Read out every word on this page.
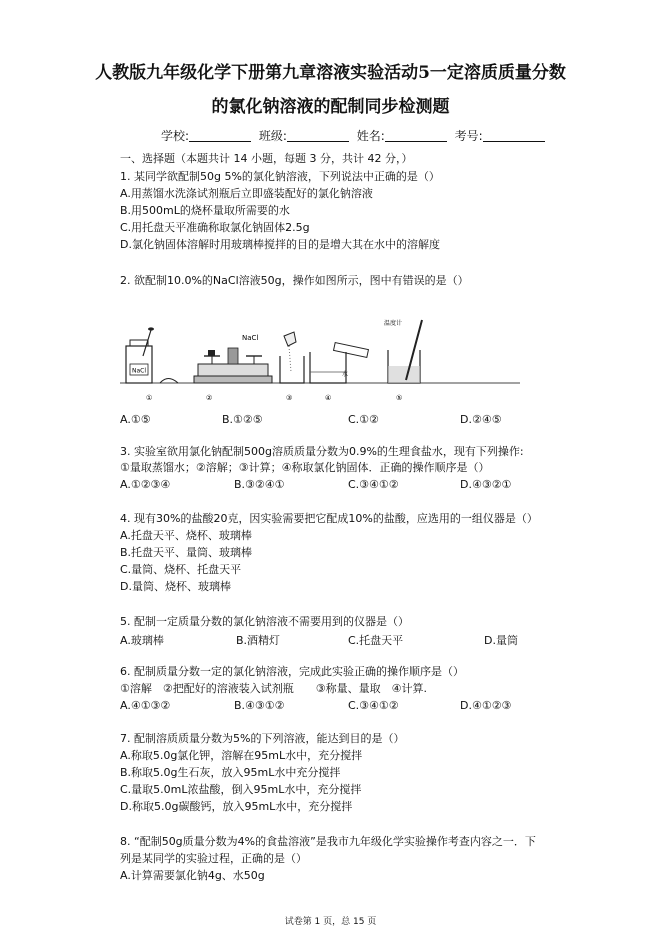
人教版九年级化学下册第九章溶液实验活动5一定溶质质量分数
的氯化钠溶液的配制同步检测题
学校:	班级:	姓名:	考号:
一、选择题（本题共计 14 小题，每题 3 分，共计 42 分，）
1. 某同学欲配制50g 5%的氯化钠溶液，下列说法中正确的是（）
A.用蒸馏水洗涤试剂瓶后立即盛装配好的氯化钠溶液
B.用500mL的烧杯量取所需要的水
C.用托盘天平准确称取氯化钠固体2.5g
D.氯化钠固体溶解时用玻璃棒搅拌的目的是增大其在水中的溶解度
2. 欲配制10.0%的NaCl溶液50g，操作如图所示，图中有错误的是（）
NaCl
①
NaCl
②	③
水
④
温度计
⑤
A.①⑤	B.①②⑤	C.①②	D.②④⑤
3. 实验室欲用氯化钠配制500g溶质质量分数为0.9%的生理食盐水，现有下列操作:
①量取蒸馏水；②溶解；③计算；④称取氯化钠固体．正确的操作顺序是（）
A.①②③④	B.③②④①	C.③④①②	D.④③②①
4. 现有30%的盐酸20克，因实验需要把它配成10%的盐酸，应选用的一组仪器是（）
A.托盘天平、烧杯、玻璃棒
B.托盘天平、量筒、玻璃棒
C.量筒、烧杯、托盘天平
D.量筒、烧杯、玻璃棒
5. 配制一定质量分数的氯化钠溶液不需要用到的仪器是（）
A.玻璃棒	B.酒精灯	C.托盘天平	D.量筒
6. 配制质量分数一定的氯化钠溶液，完成此实验正确的操作顺序是（）
①溶解　②把配好的溶液装入试剂瓶　　③称量、量取　④计算.
A.④①③②	B.④③①②	C.③④①②	D.④①②③
7. 配制溶质质量分数为5%的下列溶液，能达到目的是（）
A.称取5.0g氯化钾，溶解在95mL水中，充分搅拌
B.称取5.0g生石灰，放入95mL水中充分搅拌
C.量取5.0mL浓盐酸，倒入95mL水中，充分搅拌
D.称取5.0g碳酸钙，放入95mL水中，充分搅拌
8. “配制50g质量分数为4%的食盐溶液”是我市九年级化学实验操作考查内容之一．下
列是某同学的实验过程，正确的是（）
A.计算需要氯化钠4g、水50g
试卷第 1 页，总 15 页
